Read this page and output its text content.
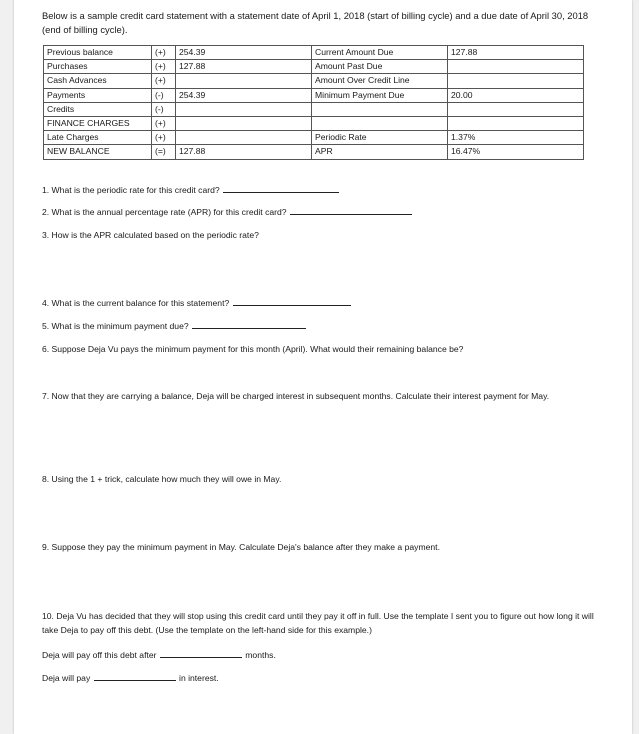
Below is a sample credit card statement with a statement date of April 1, 2018 (start of billing cycle) and a due date of April 30, 2018 (end of billing cycle).
Previous balance	(+)	254.39	Current Amount Due	127.88
Purchases	(+)	127.88	Amount Past Due	
Cash Advances	(+)		Amount Over Credit Line	
Payments	(-)	254.39	Minimum Payment Due	20.00
Credits	(-)			
FINANCE CHARGES	(+)			
Late Charges	(+)		Periodic Rate	1.37%
NEW BALANCE	(=)	127.88	APR	16.47%
1. What is the periodic rate for this credit card?
2. What is the annual percentage rate (APR) for this credit card?
3. How is the APR calculated based on the periodic rate?
4. What is the current balance for this statement?
5. What is the minimum payment due?
6. Suppose Deja Vu pays the minimum payment for this month (April). What would their remaining balance be?
7. Now that they are carrying a balance, Deja will be charged interest in subsequent months. Calculate their interest payment for May.
8. Using the 1 + trick, calculate how much they will owe in May.
9. Suppose they pay the minimum payment in May. Calculate Deja's balance after they make a payment.
10. Deja Vu has decided that they will stop using this credit card until they pay it off in full. Use the template I sent you to figure out how long it will take Deja to pay off this debt. (Use the template on the left-hand side for this example.)
Deja will pay off this debt after	months.
Deja will pay	in interest.
